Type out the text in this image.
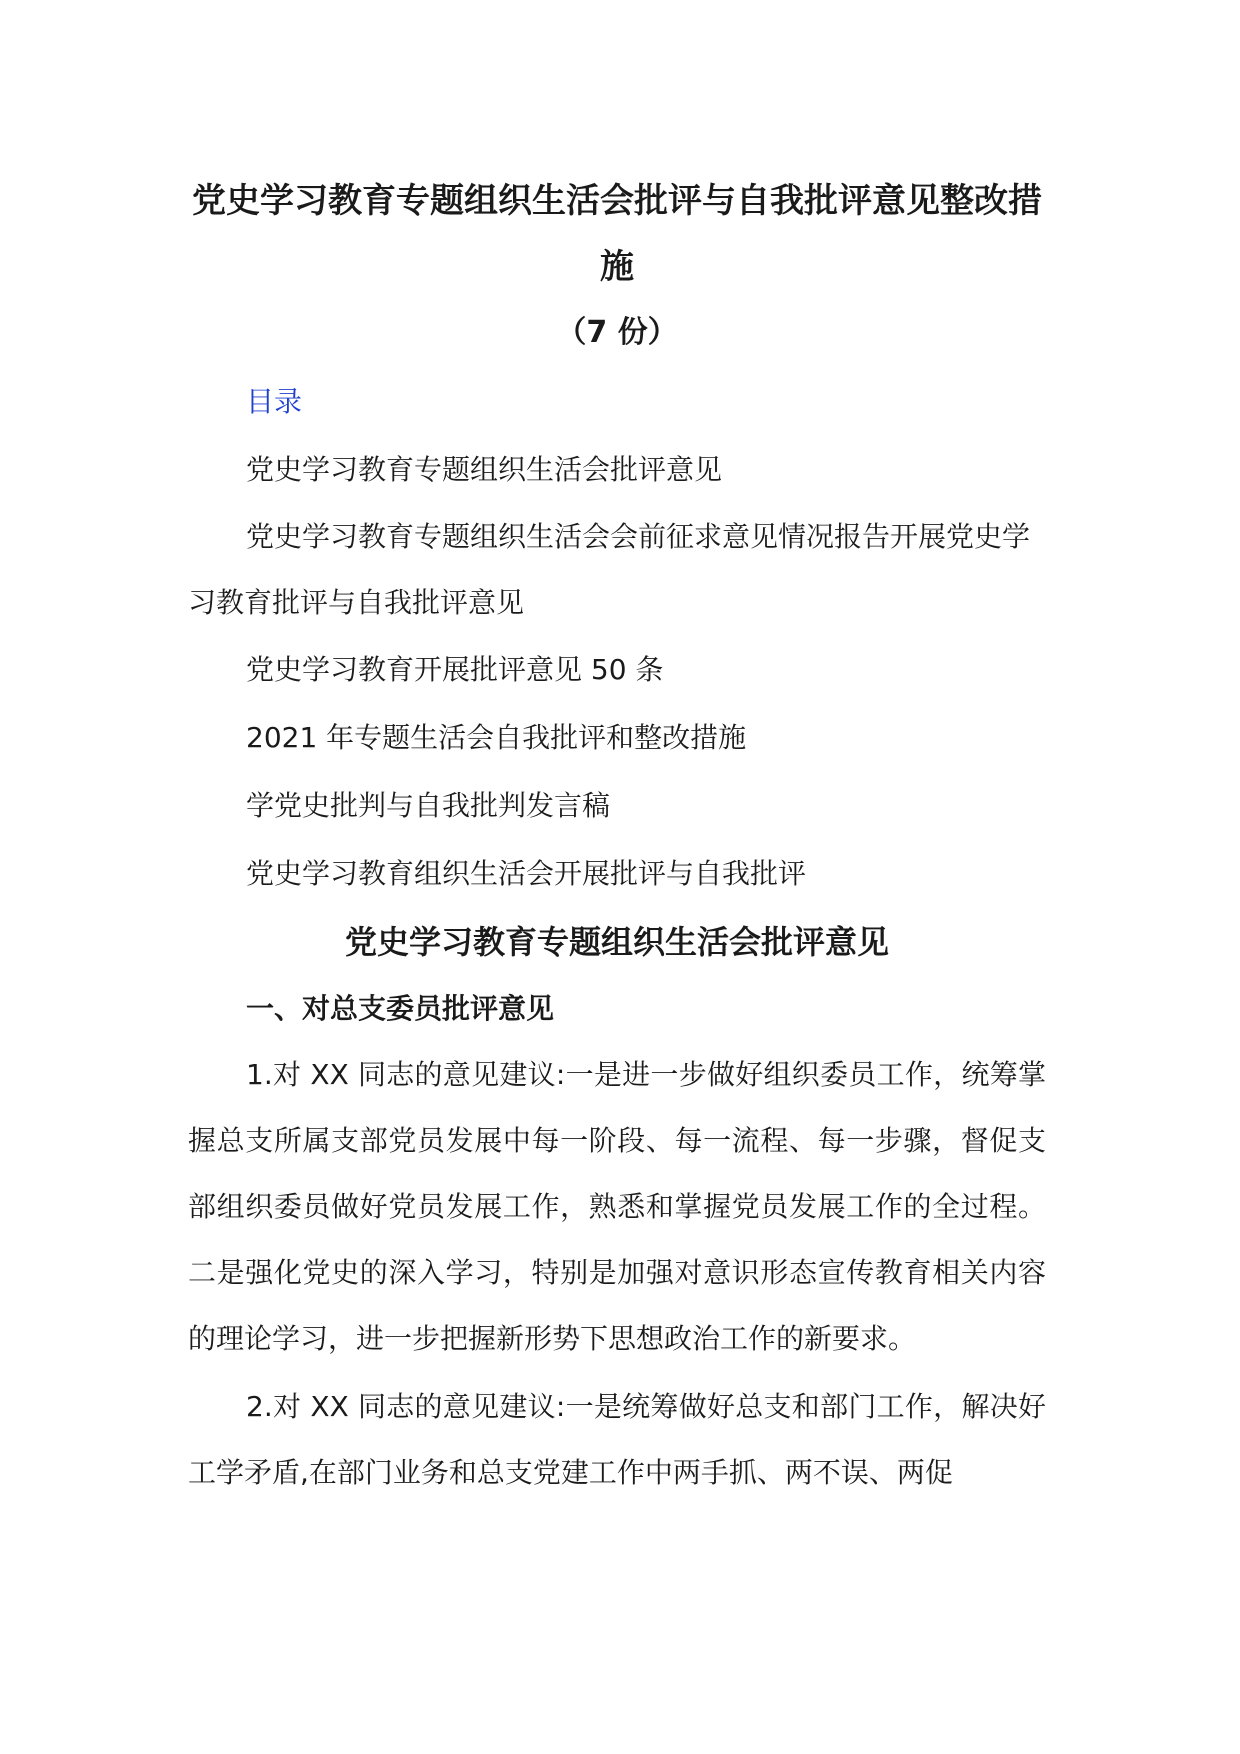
党史学习教育专题组织生活会批评与自我批评意见整改措施
（7 份）
目录
党史学习教育专题组织生活会批评意见
党史学习教育专题组织生活会会前征求意见情况报告开展党史学习教育批评与自我批评意见
党史学习教育开展批评意见 50 条
2021 年专题生活会自我批评和整改措施
学党史批判与自我批判发言稿
党史学习教育组织生活会开展批评与自我批评
党史学习教育专题组织生活会批评意见
一、对总支委员批评意见

1.对 XX 同志的意见建议:一是进一步做好组织委员工作，统筹掌握总支所属支部党员发展中每一阶段、每一流程、每一步骤，督促支部组织委员做好党员发展工作，熟悉和掌握党员发展工作的全过程。二是强化党史的深入学习，特别是加强对意识形态宣传教育相关内容的理论学习，进一步把握新形势下思想政治工作的新要求。

2.对 XX 同志的意见建议:一是统筹做好总支和部门工作，解决好工学矛盾,在部门业务和总支党建工作中两手抓、两不误、两促
